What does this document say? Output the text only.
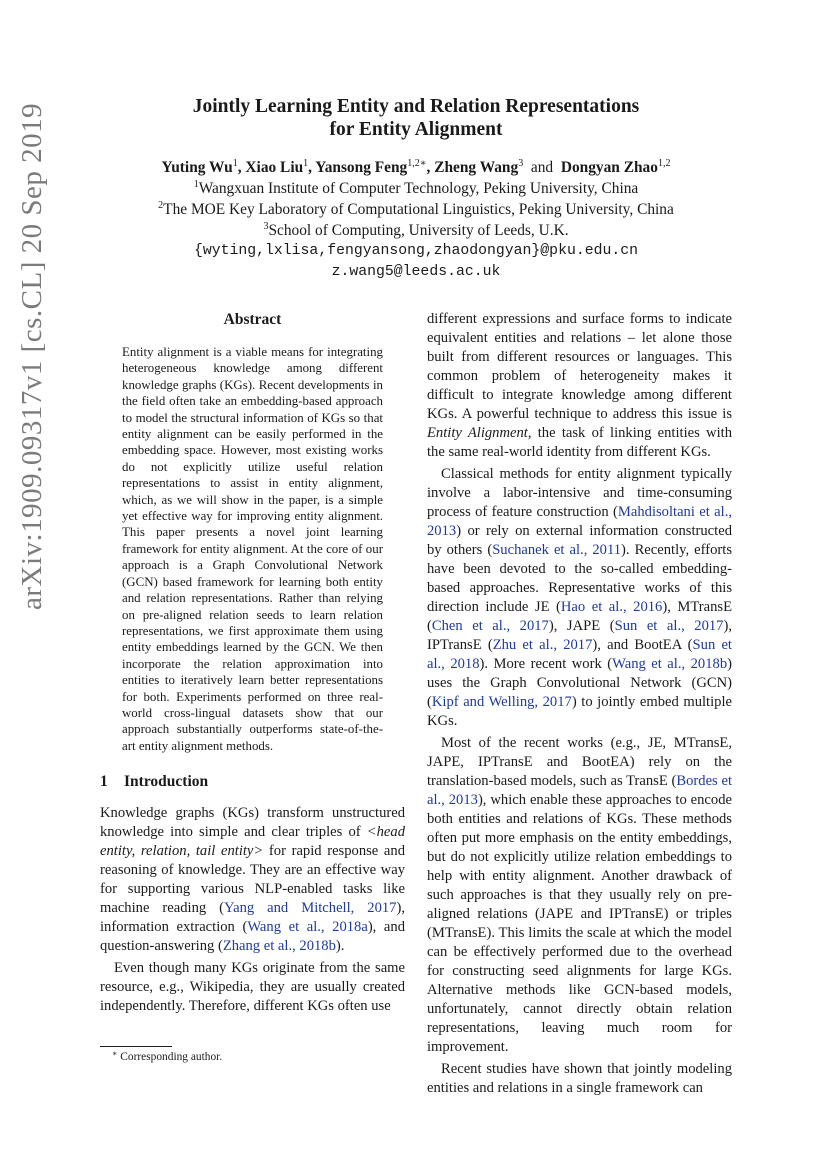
arXiv:1909.09317v1 [cs.CL] 20 Sep 2019	Jointly Learning Entity and Relation Representations
for Entity Alignment
Yuting Wu$^1$, Xiao Liu$^1$, Yansong Feng$^{1,2∗}$, Zheng Wang$^3$ and Dongyan Zhao$^{1,2}$
$^1$Wangxuan Institute of Computer Technology, Peking University, China
$^2$The MOE Key Laboratory of Computational Linguistics, Peking University, China
$^3$School of Computing, University of Leeds, U.K.
{wyting,lxlisa,fengyansong,zhaodongyan}@pku.edu.cn
z.wang5@leeds.ac.uk
Abstract

Entity alignment is a viable means for integrating heterogeneous knowledge among different knowledge graphs (KGs). Recent developments in the field often take an embedding-based approach to model the structural information of KGs so that entity alignment can be easily performed in the embedding space. However, most existing works do not explicitly utilize useful relation representations to assist in entity alignment, which, as we will show in the paper, is a simple yet effective way for improving entity alignment. This paper presents a novel joint learning framework for entity alignment. At the core of our approach is a Graph Convolutional Network (GCN) based framework for learning both entity and relation representations. Rather than relying on pre-aligned relation seeds to learn relation representations, we first approximate them using entity embeddings learned by the GCN. We then incorporate the relation approximation into entities to iteratively learn better representations for both. Experiments performed on three real-world cross-lingual datasets show that our approach substantially outperforms state-of-the-art entity alignment methods.

1 Introduction

Knowledge graphs (KGs) transform unstructured knowledge into simple and clear triples of <head entity, relation, tail entity> for rapid response and reasoning of knowledge. They are an effective way for supporting various NLP-enabled tasks like machine reading (Yang and Mitchell, 2017), information extraction (Wang et al., 2018a), and question-answering (Zhang et al., 2018b).

Even though many KGs originate from the same resource, e.g., Wikipedia, they are usually created independently. Therefore, different KGs often use

different expressions and surface forms to indicate equivalent entities and relations – let alone those built from different resources or languages. This common problem of heterogeneity makes it difficult to integrate knowledge among different KGs. A powerful technique to address this issue is Entity Alignment, the task of linking entities with the same real-world identity from different KGs.

Classical methods for entity alignment typically involve a labor-intensive and time-consuming process of feature construction (Mahdisoltani et al., 2013) or rely on external information constructed by others (Suchanek et al., 2011). Recently, efforts have been devoted to the so-called embedding-based approaches. Representative works of this direction include JE (Hao et al., 2016), MTransE (Chen et al., 2017), JAPE (Sun et al., 2017), IPTransE (Zhu et al., 2017), and BootEA (Sun et al., 2018). More recent work (Wang et al., 2018b) uses the Graph Convolutional Network (GCN) (Kipf and Welling, 2017) to jointly embed multiple KGs.

Most of the recent works (e.g., JE, MTransE, JAPE, IPTransE and BootEA) rely on the translation-based models, such as TransE (Bordes et al., 2013), which enable these approaches to encode both entities and relations of KGs. These methods often put more emphasis on the entity embeddings, but do not explicitly utilize relation embeddings to help with entity alignment. Another drawback of such approaches is that they usually rely on pre-aligned relations (JAPE and IPTransE) or triples (MTransE). This limits the scale at which the model can be effectively performed due to the overhead for constructing seed alignments for large KGs. Alternative methods like GCN-based models, unfortunately, cannot directly obtain relation representations, leaving much room for improvement.

Recent studies have shown that jointly modeling entities and relations in a single framework can

∗ Corresponding author.
